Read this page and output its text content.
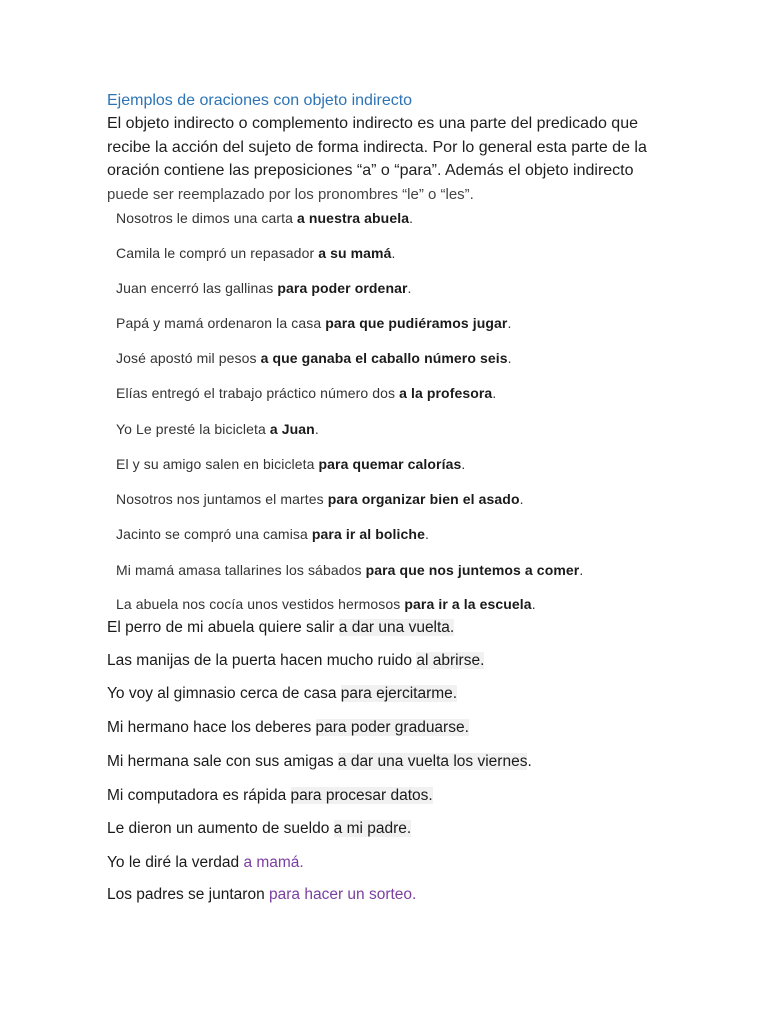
Ejemplos de oraciones con objeto indirecto
El objeto indirecto o complemento indirecto es una parte del predicado que
recibe la acción del sujeto de forma indirecta. Por lo general esta parte de la
oración contiene las preposiciones “a” o “para”. Además el objeto indirecto
puede ser reemplazado por los pronombres “le” o “les”.
Nosotros le dimos una carta a nuestra abuela.
Camila le compró un repasador a su mamá.
Juan encerró las gallinas para poder ordenar.
Papá y mamá ordenaron la casa para que pudiéramos jugar.
José apostó mil pesos a que ganaba el caballo número seis.
Elías entregó el trabajo práctico número dos a la profesora.
Yo Le presté la bicicleta a Juan.
El y su amigo salen en bicicleta para quemar calorías.
Nosotros nos juntamos el martes para organizar bien el asado.
Jacinto se compró una camisa para ir al boliche.
Mi mamá amasa tallarines los sábados para que nos juntemos a comer.
La abuela nos cocía unos vestidos hermosos para ir a la escuela.
El perro de mi abuela quiere salir a dar una vuelta.
Las manijas de la puerta hacen mucho ruido al abrirse.
Yo voy al gimnasio cerca de casa para ejercitarme.
Mi hermano hace los deberes para poder graduarse.
Mi hermana sale con sus amigas a dar una vuelta los viernes.
Mi computadora es rápida para procesar datos.
Le dieron un aumento de sueldo a mi padre.
Yo le diré la verdad a mamá.
Los padres se juntaron para hacer un sorteo.
